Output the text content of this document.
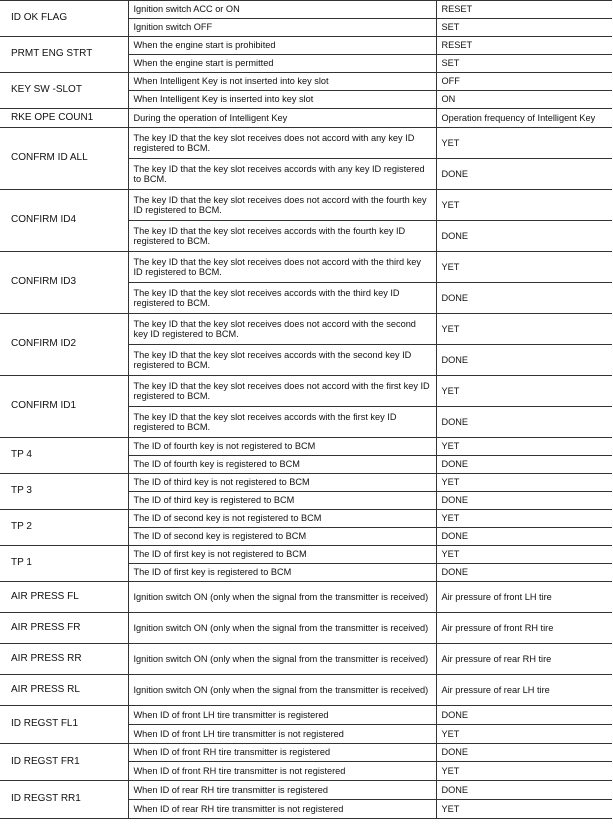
ID OK FLAG	Ignition switch ACC or ON	RESET
	Ignition switch OFF	SET
PRMT ENG STRT	When the engine start is prohibited	RESET
	When the engine start is permitted	SET
KEY SW -SLOT	When Intelligent Key is not inserted into key slot	OFF
	When Intelligent Key is inserted into key slot	ON
RKE OPE COUN1	During the operation of Intelligent Key	Operation frequency of Intelligent Key
CONFRM ID ALL	The key ID that the key slot receives does not accord with any key ID registered to BCM.	YET
	The key ID that the key slot receives accords with any key ID registered to BCM.	DONE
CONFIRM ID4	The key ID that the key slot receives does not accord with the fourth key ID registered to BCM.	YET
	The key ID that the key slot receives accords with the fourth key ID registered to BCM.	DONE
CONFIRM ID3	The key ID that the key slot receives does not accord with the third key ID registered to BCM.	YET
	The key ID that the key slot receives accords with the third key ID registered to BCM.	DONE
CONFIRM ID2	The key ID that the key slot receives does not accord with the second key ID registered to BCM.	YET
	The key ID that the key slot receives accords with the second key ID registered to BCM.	DONE
CONFIRM ID1	The key ID that the key slot receives does not accord with the first key ID registered to BCM.	YET
	The key ID that the key slot receives accords with the first key ID registered to BCM.	DONE
TP 4	The ID of fourth key is not registered to BCM	YET
	The ID of fourth key is registered to BCM	DONE
TP 3	The ID of third key is not registered to BCM	YET
	The ID of third key is registered to BCM	DONE
TP 2	The ID of second key is not registered to BCM	YET
	The ID of second key is registered to BCM	DONE
TP 1	The ID of first key is not registered to BCM	YET
	The ID of first key is registered to BCM	DONE
AIR PRESS FL	Ignition switch ON (only when the signal from the transmitter is received)	Air pressure of front LH tire
AIR PRESS FR	Ignition switch ON (only when the signal from the transmitter is received)	Air pressure of front RH tire
AIR PRESS RR	Ignition switch ON (only when the signal from the transmitter is received)	Air pressure of rear RH tire
AIR PRESS RL	Ignition switch ON (only when the signal from the transmitter is received)	Air pressure of rear LH tire
ID REGST FL1	When ID of front LH tire transmitter is registered	DONE
	When ID of front LH tire transmitter is not registered	YET
ID REGST FR1	When ID of front RH tire transmitter is registered	DONE
	When ID of front RH tire transmitter is not registered	YET
ID REGST RR1	When ID of rear RH tire transmitter is registered	DONE
	When ID of rear RH tire transmitter is not registered	YET
